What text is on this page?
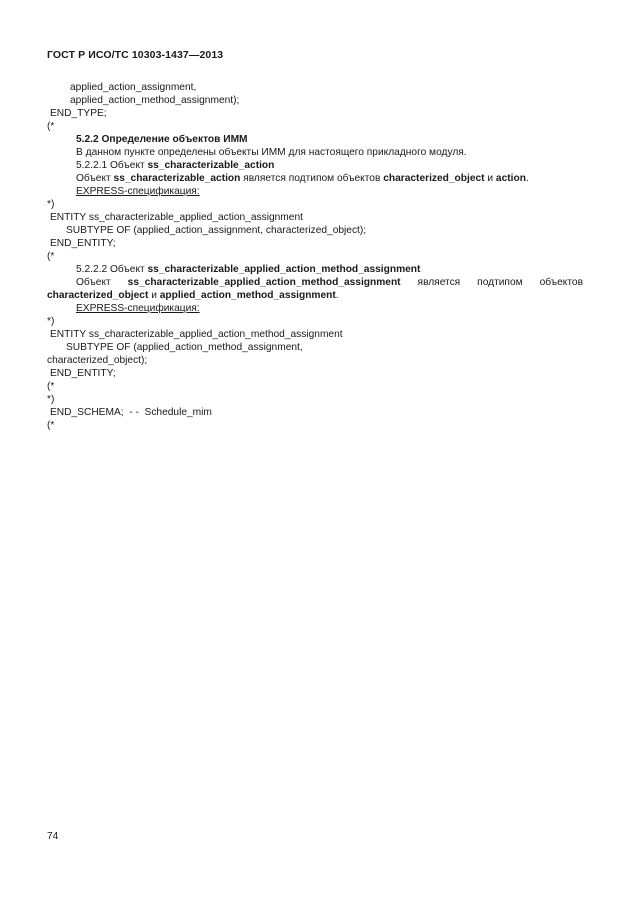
ГОСТ Р ИСО/ТС 10303-1437—2013
applied_action_assignment,
applied_action_method_assignment);
END_TYPE;
(*
5.2.2 Определение объектов ИММ
В данном пункте определены объекты ИММ для настоящего прикладного модуля.
5.2.2.1 Объект ss_characterizable_action
Объект ss_characterizable_action является подтипом объектов characterized_object и action.
EXPRESS-спецификация:
*)
ENTITY ss_characterizable_applied_action_assignment
SUBTYPE OF (applied_action_assignment, characterized_object);
END_ENTITY;
(*
5.2.2.2 Объект ss_characterizable_applied_action_method_assignment
Объект ss_characterizable_applied_action_method_assignment является подтипом объектов
characterized_object и applied_action_method_assignment.
EXPRESS-спецификация:
*)
ENTITY ss_characterizable_applied_action_method_assignment
SUBTYPE OF (applied_action_method_assignment,
characterized_object);
END_ENTITY;
(*
*)
END_SCHEMA;  - -  Schedule_mim
(*
74
